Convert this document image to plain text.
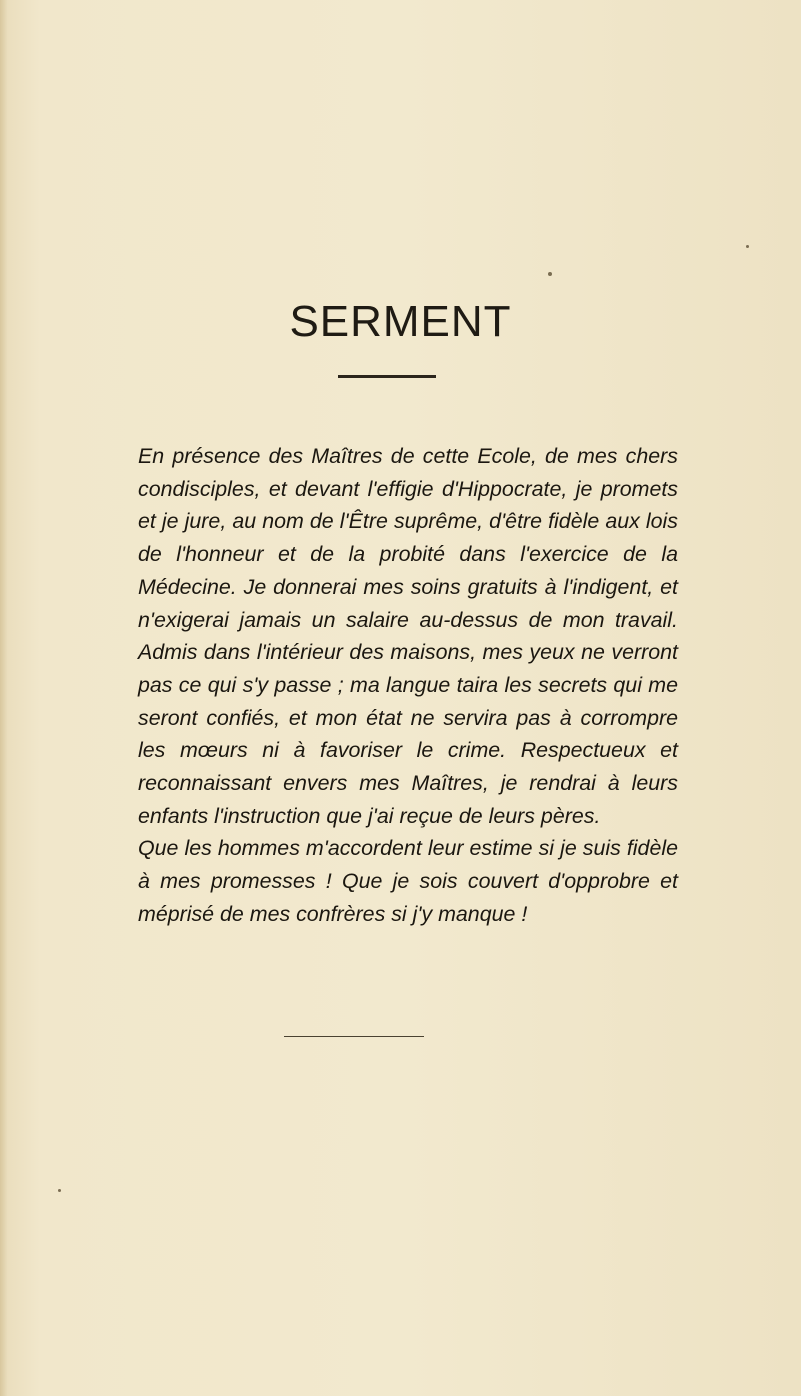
SERMENT

En présence des Maîtres de cette Ecole, de mes chers condisciples, et devant l'effigie d'Hippocrate, je promets et je jure, au nom de l'Être suprême, d'être fidèle aux lois de l'honneur et de la probité dans l'exercice de la Médecine. Je donnerai mes soins gratuits à l'indigent, et n'exigerai jamais un salaire au-dessus de mon travail. Admis dans l'intérieur des maisons, mes yeux ne verront pas ce qui s'y passe ; ma langue taira les secrets qui me seront confiés, et mon état ne servira pas à corrompre les mœurs ni à favoriser le crime. Respectueux et reconnaissant envers mes Maîtres, je rendrai à leurs enfants l'instruction que j'ai reçue de leurs pères.

Que les hommes m'accordent leur estime si je suis fidèle à mes promesses ! Que je sois couvert d'opprobre et méprisé de mes confrères si j'y manque !
